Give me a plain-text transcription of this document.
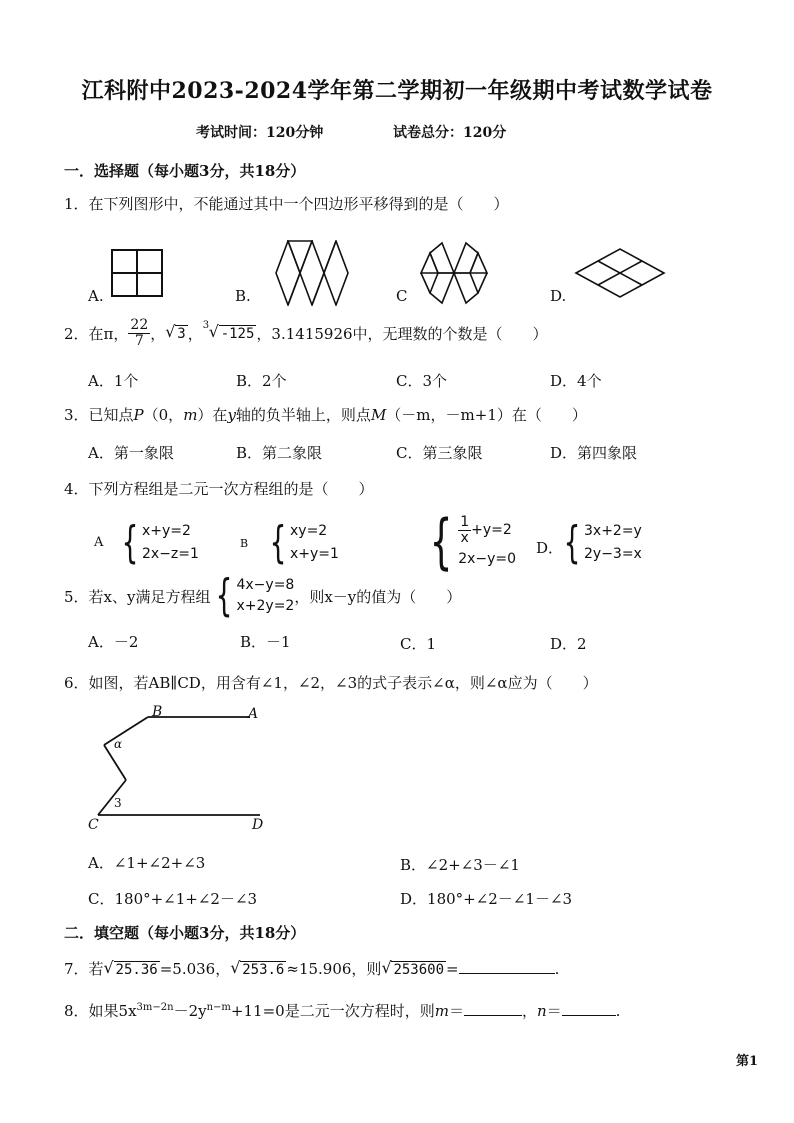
江科附中2023-2024学年第二学期初一年级期中考试数学试卷
考试时间：120分钟	试卷总分：120分
一．选择题（每小题3分，共18分）
1．在下列图形中，不能通过其中一个四边形平移得到的是（　　）
A.	B.	C	D.
2．在π， $\frac{22}{7}$ ， √ 3 ， 3
√ -125 ，3.1415926中，无理数的个数是（　　）
A．1个	B．2个	C．3个	D．4个
3．已知点P（0，m）在y轴的负半轴上，则点M（－m，－m+1）在（　　）
A．第一象限	B．第二象限	C．第三象限	D．第四象限
4．下列方程组是二元一次方程组的是（　　）
A { x+y=2
2x−z=1
B { xy=2
x+y=1 { $\frac{1}{x} +y=2$
2x−y=0
D． { 3x+2=y
2y−3=x
5．若x、y满足方程组 { 4x−y=8
x+2y=2
，则x－y的值为（　　）
A．－2	B．－1	C．1	D．2
6．如图，若AB∥CD，用含有∠1，∠2，∠3的式子表示∠α，则∠α应为（　　）
B	A
α
3
C	D
A．∠1+∠2+∠3	B．∠2+∠3－∠1
C．180°+∠1+∠2－∠3	D．180°+∠2－∠1－∠3
二．填空题（每小题3分，共18分）
7．若 √ 25.36 =5.036， √ 253.6 ≈15.906，则 √ 253600 =	.
8．如果$5x^{3m-2n}-2y^{n-m}+11=0$是二元一次方程时，则m＝	，n＝	.
第1
